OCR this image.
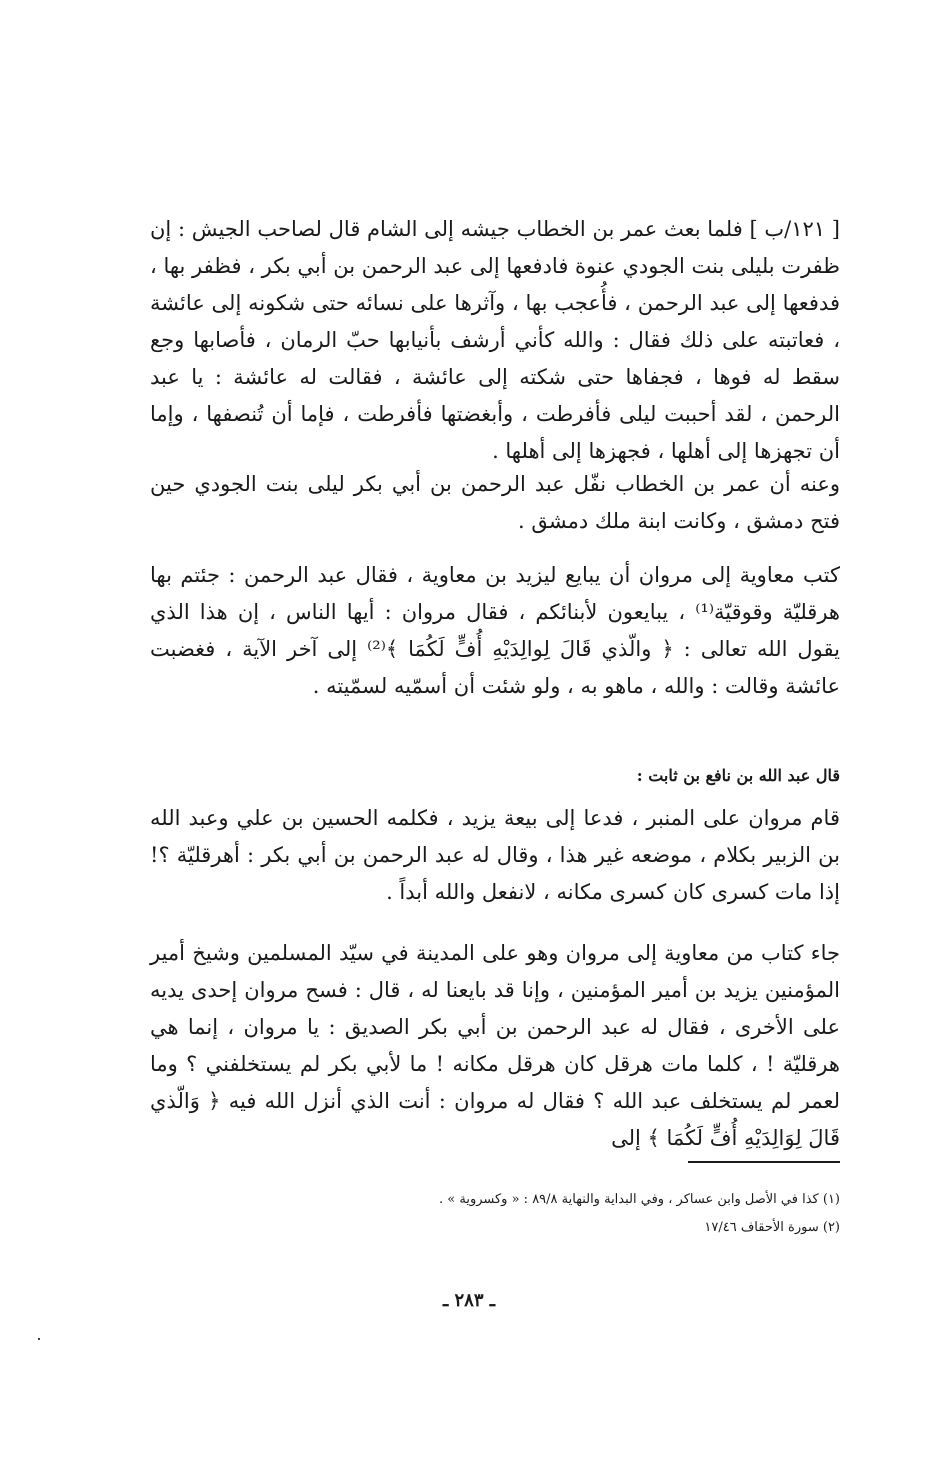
[ ١٢١/ب ] فلما بعث عمر بن الخطاب جيشه إلى الشام قال لصاحب الجيش : إن ظفرت بليلى بنت الجودي عنوة فادفعها إلى عبد الرحمن بن أبي بكر ، فظفر بها ، فدفعها إلى عبد الرحمن ، فأُعجب بها ، وآثرها على نسائه حتى شكونه إلى عائشة ، فعاتبته على ذلك فقال : والله كأني أرشف بأنيابها حبّ الرمان ، فأصابها وجع سقط له فوها ، فجفاها حتى شكته إلى عائشة ، فقالت له عائشة : يا عبد الرحمن ، لقد أحببت ليلى فأفرطت ، وأبغضتها فأفرطت ، فإما أن تُنصفها ، وإما أن تجهزها إلى أهلها ، فجهزها إلى أهلها .

وعنه أن عمر بن الخطاب نفّل عبد الرحمن بن أبي بكر ليلى بنت الجودي حين فتح دمشق ، وكانت ابنة ملك دمشق .

كتب معاوية إلى مروان أن يبايع ليزيد بن معاوية ، فقال عبد الرحمن : جئتم بها هرقليّة وقوقيّة⁽¹⁾ ، يبايعون لأبنائكم ، فقال مروان : أيها الناس ، إن هذا الذي يقول الله تعالى : ﴿ والّذي قَالَ لِوالِدَيْهِ أُفٍّ لَكُمَا ﴾⁽²⁾ إلى آخر الآية ، فغضبت عائشة وقالت : والله ، ماهو به ، ولو شئت أن أسمّيه لسمّيته .

قال عبد الله بن نافع بن ثابت :

قام مروان على المنبر ، فدعا إلى بيعة يزيد ، فكلمه الحسين بن علي وعبد الله بن الزبير بكلام ، موضعه غير هذا ، وقال له عبد الرحمن بن أبي بكر : أهرقليّة ؟! إذا مات كسرى كان كسرى مكانه ، لانفعل والله أبداً .

جاء كتاب من معاوية إلى مروان وهو على المدينة في سيّد المسلمين وشيخ أمير المؤمنين يزيد بن أمير المؤمنين ، وإنا قد بايعنا له ، قال : فسح مروان إحدى يديه على الأخرى ، فقال له عبد الرحمن بن أبي بكر الصديق : يا مروان ، إنما هي هرقليّة ! ، كلما مات هرقل كان هرقل مكانه ! ما لأبي بكر لم يستخلفني ؟ وما لعمر لم يستخلف عبد الله ؟ فقال له مروان : أنت الذي أنزل الله فيه ﴿ وَالّذي قَالَ لِوَالِدَيْهِ أُفٍّ لَكُمَا ﴾ إلى

(١) كذا في الأصل وابن عساكر ، وفي البداية والنهاية ٨٩/٨ : « وكسروية » .

(٢) سورة الأحقاف ١٧/٤٦

ـ ٢٨٣ ـ
